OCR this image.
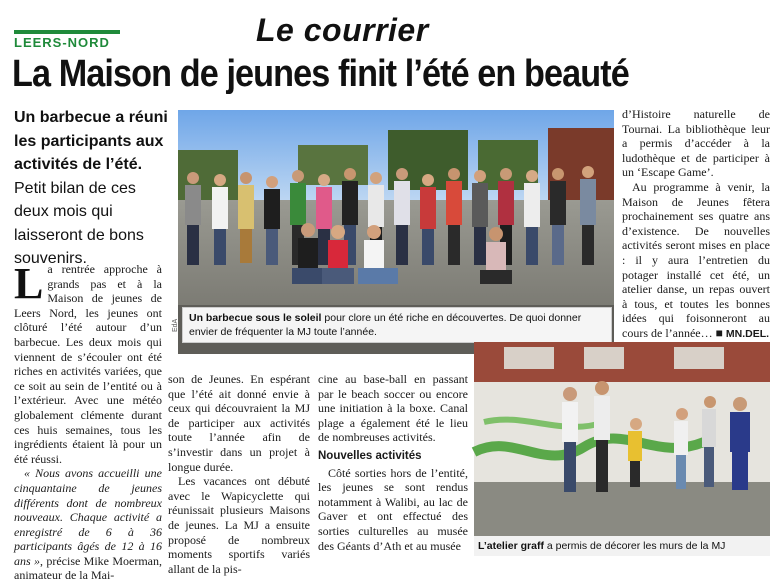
LEERS-NORD	Le courrier
La Maison de jeunes finit l’été en beauté
Un barbecue a réuni les participants aux activités de l’été. Petit bilan de ces deux mois qui laisseront de bons souvenirs.
L a rentrée approche à grands pas et à la Maison de jeunes de Leers Nord, les jeunes ont clôturé l’été autour d’un barbecue. Les deux mois qui viennent de s’écouler ont été riches en activités variées, que ce soit au sein de l’entité ou à l’extérieur. Avec une météo globalement clémente durant ces huis semaines, tous les ingrédients étaient là pour un été réussi.

« Nous avons accueilli une cinquantaine de jeunes différents dont de nombreux nouveaux. Chaque activité a enregistré de 6 à 36 participants âgés de 12 à 16 ans », précise Mike Moerman, animateur de la Mai-

Un barbecue sous le soleil pour clore un été riche en découvertes. De quoi donner envier de fréquenter la MJ toute l’année.
EdA

son de Jeunes. En espérant que l’été ait donné envie à ceux qui découvraient la MJ de participer aux activités toute l’année afin de s’investir dans un projet à longue durée.

Les vacances ont débuté avec le Wapicyclette qui réunissait plusieurs Maisons de jeunes. La MJ a ensuite proposé de nombreux moments sportifs variés allant de la pis-

cine au base-ball en passant par le beach soccer ou encore une initiation à la boxe. Canal plage a également été le lieu de nombreuses activités.

Nouvelles activités

Côté sorties hors de l’entité, les jeunes se sont rendus notamment à Walibi, au lac de Gaver et ont effectué des sorties culturelles au musée des Géants d’Ath et au musée

d’Histoire naturelle de Tournai. La bibliothèque leur a permis d’accéder à la ludothèque et de participer à un ‘Escape Game’.

Au programme à venir, la Maison de Jeunes fêtera prochainement ses quatre ans d’existence. De nouvelles activités seront mises en place : il y aura l’entretien du potager installé cet été, un atelier danse, un repas ouvert à tous, et toutes les bonnes idées qui foisonneront au cours de l’année… ■ MN.DEL.

L’atelier graff a permis de décorer les murs de la MJ
